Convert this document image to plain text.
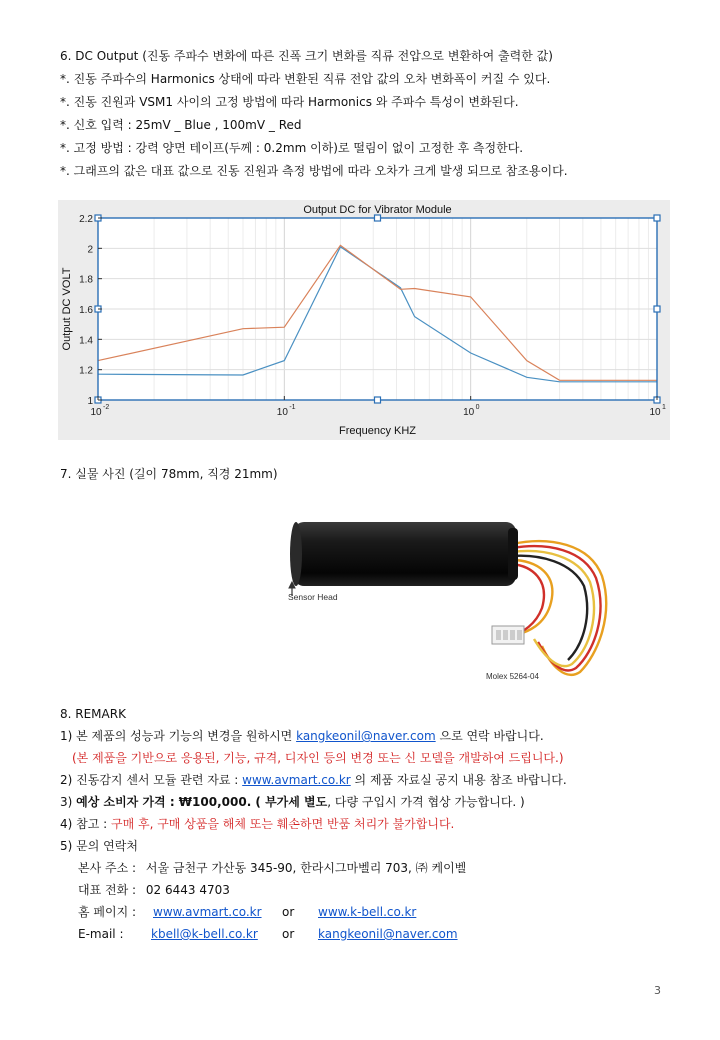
6. DC Output (진동 주파수 변화에 따른 진폭 크기 변화를 직류 전압으로 변환하여 출력한 값)
*. 진동 주파수의 Harmonics 상태에 따라 변환된 직류 전압 값의 오차 변화폭이 커질 수 있다.
*. 진동 진원과 VSM1 사이의 고정 방법에 따라 Harmonics 와 주파수 특성이 변화된다.
*. 신호 입력 : 25mV _ Blue , 100mV _ Red
*. 고정 방법 : 강력 양면 테이프(두께 : 0.2mm 이하)로 떨림이 없이 고정한 후 측정한다.
*. 그래프의 값은 대표 값으로 진동 진원과 측정 방법에 따라 오차가 크게 발생 되므로 참조용이다.
1
1.2
1.4
1.6
1.8
2
2.2
10 -2	10 -1	10 0	10 1
Output DC for Vibrator Module
Frequency KHZ
Output DC VOLT
7. 실물 사진 (길이 78mm, 직경 21mm)
Sensor Head
Molex 5264-04
8. REMARK
1) 본 제품의 성능과 기능의 변경을 원하시면 kangkeonil@naver.com 으로 연락 바랍니다.
(본 제품을 기반으로 응용된, 기능, 규격, 디자인 등의 변경 또는 신 모델을 개발하여 드립니다.)
2) 진동감지 센서 모듈 관련 자료 : www.avmart.co.kr 의 제품 자료실 공지 내용 참조 바랍니다.
3) 예상 소비자 가격 : ₩100,000. ( 부가세 별도, 다량 구입시 가격 협상 가능합니다. )
4) 참고 : 구매 후, 구매 상품을 해체 또는 훼손하면 반품 처리가 불가합니다.
5) 문의 연락처
본사 주소 : 서울 금천구 가산동 345-90, 한라시그마벨리 703, ㈜ 케이벨
대표 전화 : 02 6443 4703
홈 페이지 : www.avmart.co.kr or www.k-bell.co.kr
E-mail : kbell@k-bell.co.kr or kangkeonil@naver.com
3
